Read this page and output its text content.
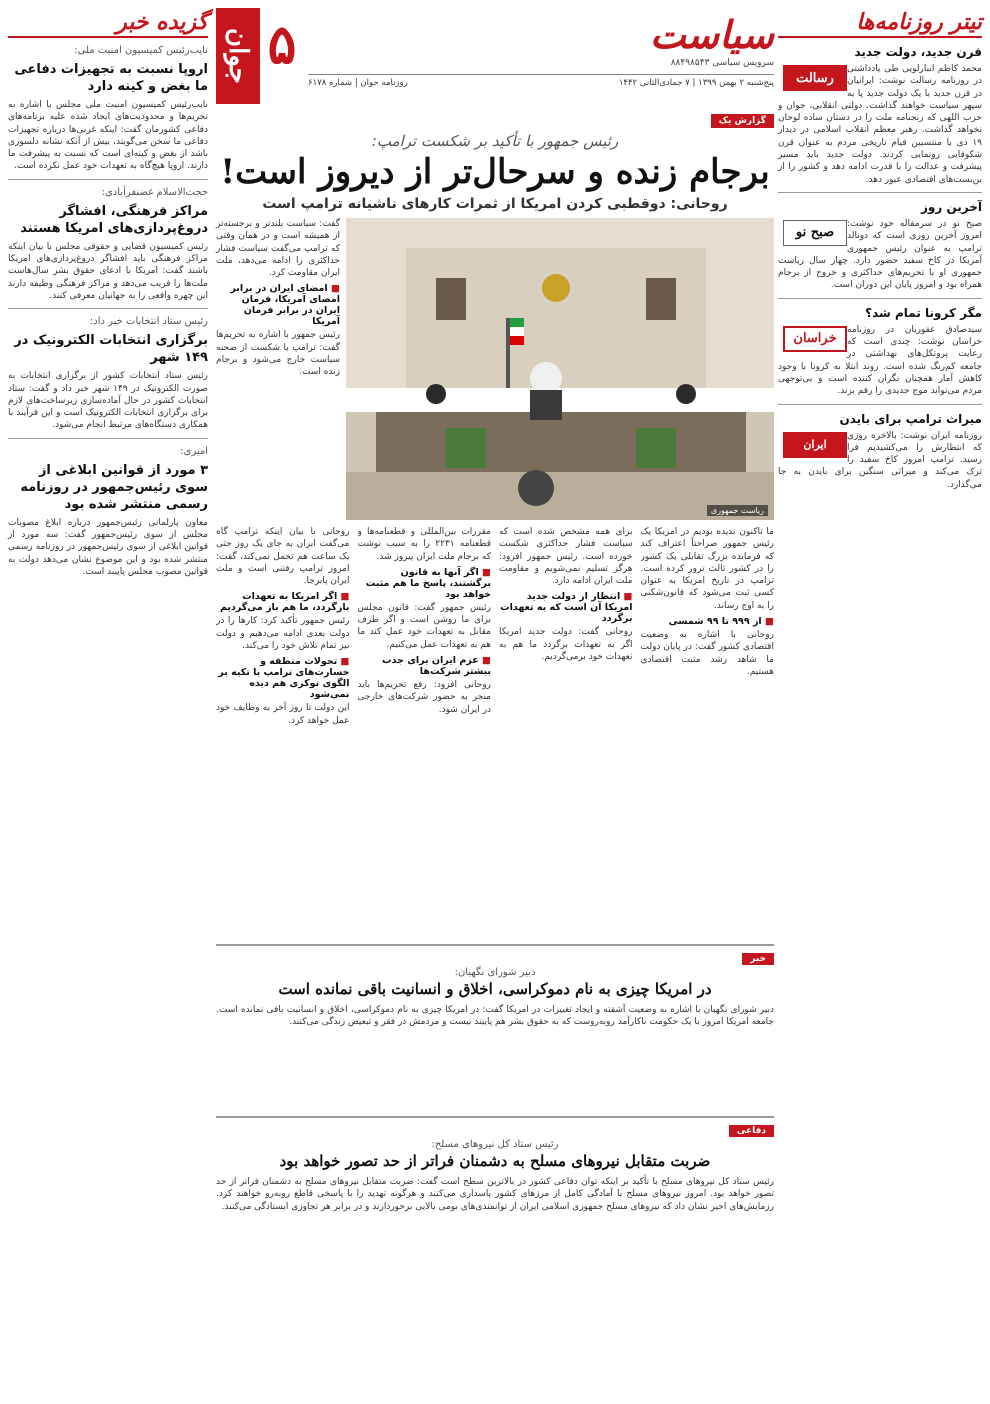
تیتر روزنامه‌ها
قرن جدید، دولت جدید
رسالت
محمد کاظم انبارلویی طی یادداشتی در روزنامه رسالت نوشت: ایرانیان در قرن جدید با یک دولت جدید پا به سپهر سیاست خواهند گذاشت. دولتی انقلابی، جوان و حزب اللهی که رنجنامه ملت را در دستان ساده لوحان نخواهد گذاشت. رهبر معظم انقلاب اسلامی در دیدار ۱۹ دی با منتسبین قیام تاریخی مردم به عنوان قرن شکوفایی رونمایی کردند. دولت جدید باید مسیر پیشرفت و عدالت را با قدرت ادامه دهد و کشور را از بن‌بست‌های اقتصادی عبور دهد.
آخرین روز
صبح نو
صبح نو در سرمقاله خود نوشت: امروز آخرین روزی است که دونالد ترامپ به عنوان رئیس جمهوری آمریکا در کاخ سفید حضور دارد. چهار سال ریاست جمهوری او با تحریم‌های حداکثری و خروج از برجام همراه بود و امروز پایان این دوران است.
مگر کرونا تمام شد؟
خراسان
سیدصادق غفوریان در روزنامه خراسان نوشت: چندی است که رعایت پروتکل‌های بهداشتی در جامعه کم‌رنگ شده است. روند ابتلا به کرونا با وجود کاهش آمار همچنان نگران کننده است و بی‌توجهی مردم می‌تواند موج جدیدی را رقم بزند.
میراث ترامپ برای بایدن
ایران
روزنامه ایران نوشت: بالاخره روزی که انتظارش را می‌کشیدیم فرا رسید. ترامپ امروز کاخ سفید را ترک می‌کند و میراثی سنگین برای بایدن به جا می‌گذارد.
جوان ۵	سیاست
سرویس سیاسی ۸۸۴۹۸۵۴۳
پنج‌شنبه ۲ بهمن ۱۳۹۹ | ۷ جمادی‌الثانی ۱۴۴۲
روزنامه جوان | شماره ۶۱۷۸
گزارش یک
رئیس جمهور با تأکید بر شکست ترامپ:
برجام زنده و سرحال‌تر از دیروز است!
روحانی: دوقطبی کردن امریکا از ثمرات کارهای ناشیانه ترامپ است
ریاست جمهوری
گفت: سیاست بلندتر و برجسته‌تر از همیشه است و در همان وقتی که ترامپ می‌گفت سیاست فشار حداکثری را ادامه می‌دهد، ملت ایران مقاومت کرد.
■ امضای ایران در برابر امضای آمریکا، فرمان ایران در برابر فرمان آمریکا
رئیس جمهور با اشاره به تحریم‌ها گفت: ترامپ با شکست از صحنه سیاست خارج می‌شود و برجام زنده است.
ما تاکنون ندیده بودیم در امریکا یک رئیس جمهور صراحتاً اعتراف کند که فرمانده بزرگ تقابلی یک کشور را در کشور ثالث ترور کرده است. ترامپ در تاریخ امریکا به عنوان کسی ثبت می‌شود که قانون‌شکنی را به اوج رساند.
■ از ۹۹۹ تا ۹۹ شمسی
روحانی با اشاره به وضعیت اقتصادی کشور گفت: در پایان دولت ما شاهد رشد مثبت اقتصادی هستیم.
برای همه مشخص شده است که سیاست فشار حداکثری شکست خورده است. رئیس جمهور افزود: هرگز تسلیم نمی‌شویم و مقاومت ملت ایران ادامه دارد.
■ انتظار از دولت جدید امریکا آن است که به تعهدات برگردد
روحانی گفت: دولت جدید امریکا اگر به تعهدات برگردد ما هم به تعهدات خود برمی‌گردیم.
مقررات بین‌المللی و قطعنامه‌ها و قطعنامه ۲۲۳۱ را به سبب نوشت که برجام ملت ایران پیروز شد.
■ اگر آنها به قانون برگشتند، پاسخ ما هم مثبت خواهد بود
رئیس جمهور گفت: قانون مجلس برای ما روشن است و اگر طرف مقابل به تعهدات خود عمل کند ما هم به تعهدات عمل می‌کنیم.
■ عزم ایران برای جذب بیشتر شرکت‌ها
روحانی افزود: رفع تحریم‌ها باید منجر به حضور شرکت‌های خارجی در ایران شود.
روحانی با بیان اینکه ترامپ گاه می‌گفت ایران به جای یک روز حتی یک ساعت هم تحمل نمی‌کند، گفت: امروز ترامپ رفتنی است و ملت ایران پابرجا.
■ اگر امریکا به تعهدات بازگردد، ما هم باز می‌گردیم
رئیس جمهور تأکید کرد: کارها را در دولت بعدی ادامه می‌دهیم و دولت نیز تمام تلاش خود را می‌کند.
■ تحولات منطقه و خسارت‌های ترامپ با تکیه بر الگوی نوکری هم دیده نمی‌شود
این دولت تا روز آخر به وظایف خود عمل خواهد کرد.
خبر
دبیر شورای نگهبان:
در امریکا چیزی به نام دموکراسی، اخلاق و انسانیت باقی نمانده است
دبیر شورای نگهبان با اشاره به وضعیت آشفته و ایجاد تغییرات در امریکا گفت: در امریکا چیزی به نام دموکراسی، اخلاق و انسانیت باقی نمانده است. جامعه امریکا امروز با یک حکومت ناکارآمد روبه‌روست که به حقوق بشر هم پایبند نیست و مردمش در فقر و تبعیض زندگی می‌کنند.
دفاعی
رئیس ستاد کل نیروهای مسلح:
ضربت متقابل نیروهای مسلح به دشمنان فراتر از حد تصور خواهد بود
رئیس ستاد کل نیروهای مسلح با تأکید بر اینکه توان دفاعی کشور در بالاترین سطح است گفت: ضربت متقابل نیروهای مسلح به دشمنان فراتر از حد تصور خواهد بود. امروز نیروهای مسلح با آمادگی کامل از مرزهای کشور پاسداری می‌کنند و هرگونه تهدید را با پاسخی قاطع روبه‌رو خواهند کرد. رزمایش‌های اخیر نشان داد که نیروهای مسلح جمهوری اسلامی ایران از توانمندی‌های بومی بالایی برخوردارند و در برابر هر تجاوزی ایستادگی می‌کنند.
گزیده خبر
نایب‌رئیس کمیسیون امنیت ملی:
اروپا نسبت به تجهیزات دفاعی ما بغض و کینه دارد
نایب‌رئیس کمیسیون امنیت ملی مجلس با اشاره به تحریم‌ها و محدودیت‌های ایجاد شده علیه برنامه‌های دفاعی کشورمان گفت: اینکه غربی‌ها درباره تجهیزات دفاعی ما سخن می‌گویند، بیش از آنکه نشانه دلسوزی باشد از بغض و کینه‌ای است که نسبت به پیشرفت ما دارند. اروپا هیچ‌گاه به تعهدات خود عمل نکرده است.
حجت‌الاسلام غضنفرآبادی:
مراکز فرهنگی، افشاگر دروغ‌پردازی‌های امریکا هستند
رئیس کمیسیون قضایی و حقوقی مجلس با بیان اینکه مراکز فرهنگی باید افشاگر دروغ‌پردازی‌های امریکا باشند گفت: امریکا با ادعای حقوق بشر سال‌هاست ملت‌ها را فریب می‌دهد و مراکز فرهنگی وظیفه دارند این چهره واقعی را به جهانیان معرفی کنند.
رئیس ستاد انتخابات خبر داد:
برگزاری انتخابات الکترونیک در ۱۴۹ شهر
رئیس ستاد انتخابات کشور از برگزاری انتخابات به صورت الکترونیک در ۱۴۹ شهر خبر داد و گفت: ستاد انتخابات کشور در حال آماده‌سازی زیرساخت‌های لازم برای برگزاری انتخابات الکترونیک است و این فرآیند با همکاری دستگاه‌های مرتبط انجام می‌شود.
امیری:
۳ مورد از قوانین ابلاغی از سوی رئیس‌جمهور در روزنامه رسمی منتشر شده بود
معاون پارلمانی رئیس‌جمهور درباره ابلاغ مصوبات مجلس از سوی رئیس‌جمهور گفت: سه مورد از قوانین ابلاغی از سوی رئیس‌جمهور در روزنامه رسمی منتشر شده بود و این موضوع نشان می‌دهد دولت به قوانین مصوب مجلس پایبند است.
